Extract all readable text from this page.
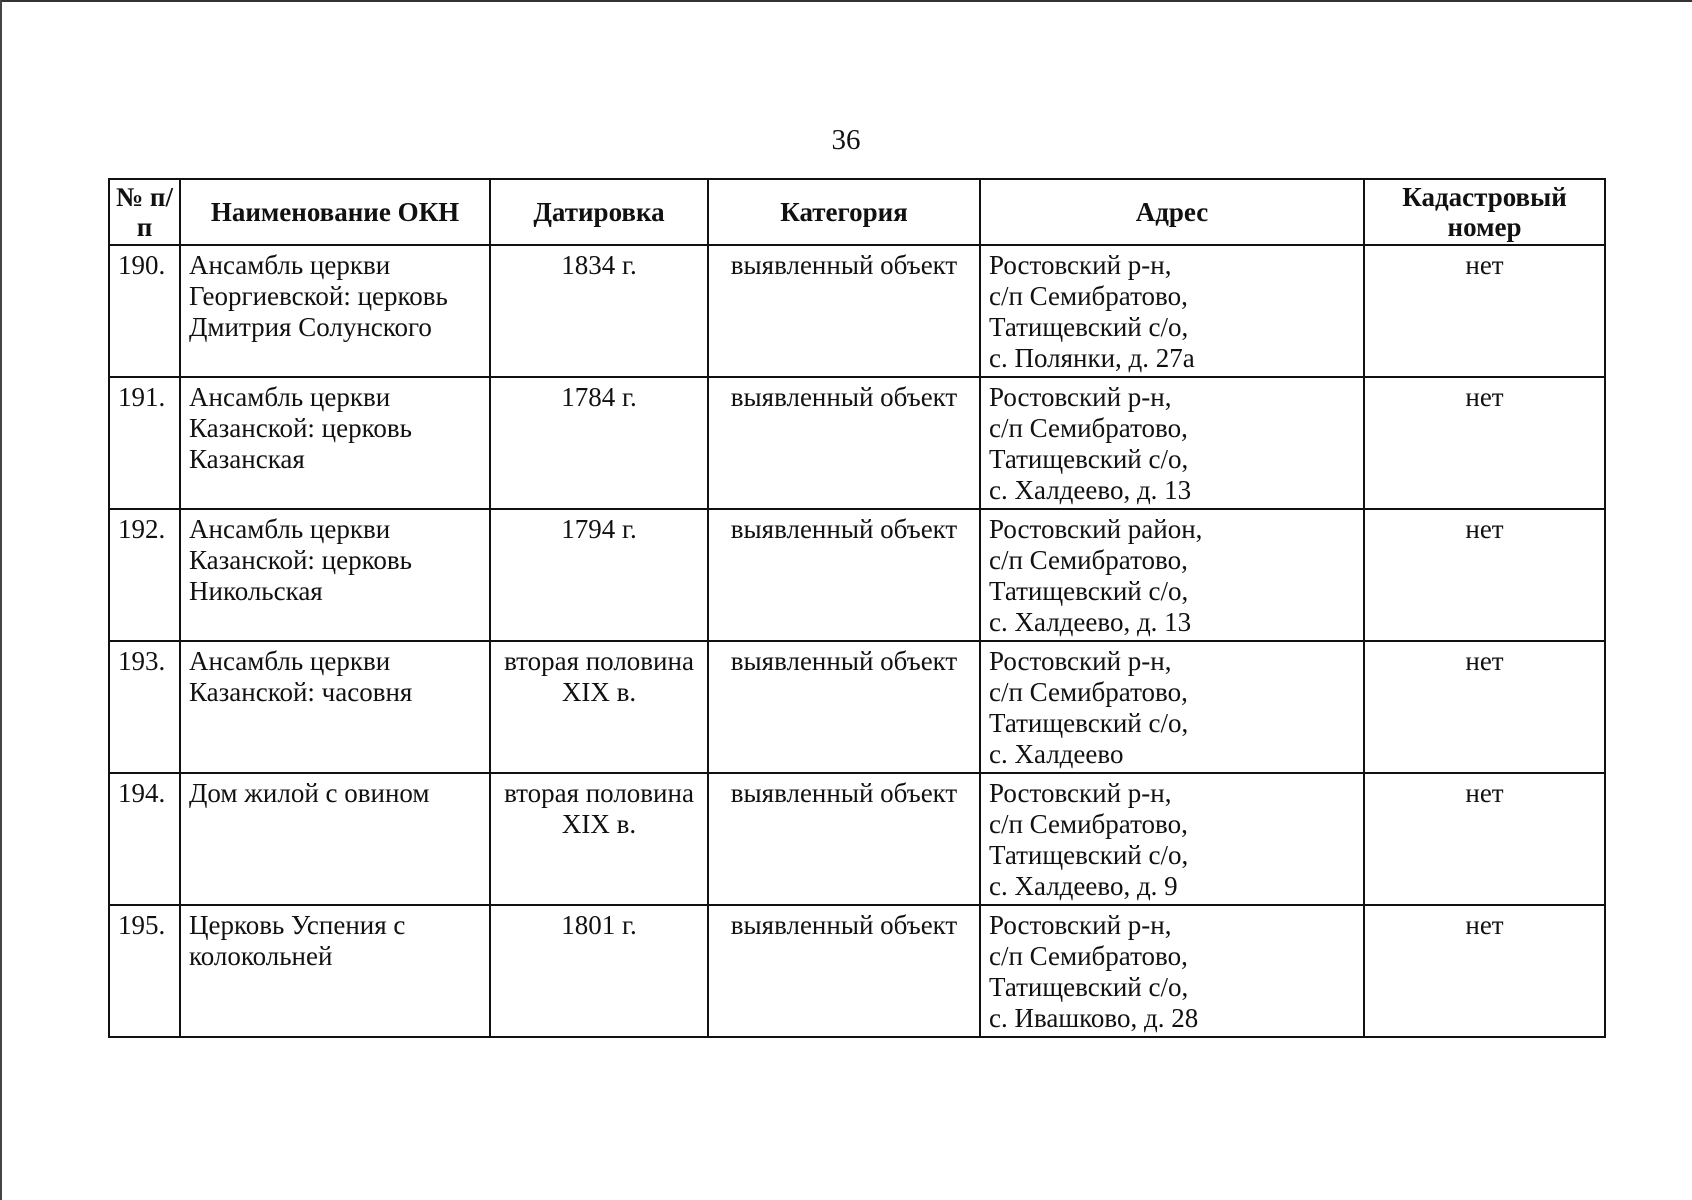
36
№ п/п	Наименование ОКН	Датировка	Категория	Адрес	Кадастровый номер
190.	Ансамбль церкви Георгиевской: церковь Дмитрия Солунского	1834 г.	выявленный объект	Ростовский р-н,
с/п Семибратово,
Татищевский с/о,
с. Полянки, д. 27а	нет
191.	Ансамбль церкви Казанской: церковь Казанская	1784 г.	выявленный объект	Ростовский р-н,
с/п Семибратово,
Татищевский с/о,
с. Халдеево, д. 13	нет
192.	Ансамбль церкви Казанской: церковь Никольская	1794 г.	выявленный объект	Ростовский район,
с/п Семибратово,
Татищевский с/о,
с. Халдеево, д. 13	нет
193.	Ансамбль церкви Казанской: часовня	вторая половина XIX в.	выявленный объект	Ростовский р-н,
с/п Семибратово,
Татищевский с/о,
с. Халдеево	нет
194.	Дом жилой с овином	вторая половина XIX в.	выявленный объект	Ростовский р-н,
с/п Семибратово,
Татищевский с/о,
с. Халдеево, д. 9	нет
195.	Церковь Успения с колокольней	1801 г.	выявленный объект	Ростовский р-н,
с/п Семибратово,
Татищевский с/о,
с. Ивашково, д. 28	нет
